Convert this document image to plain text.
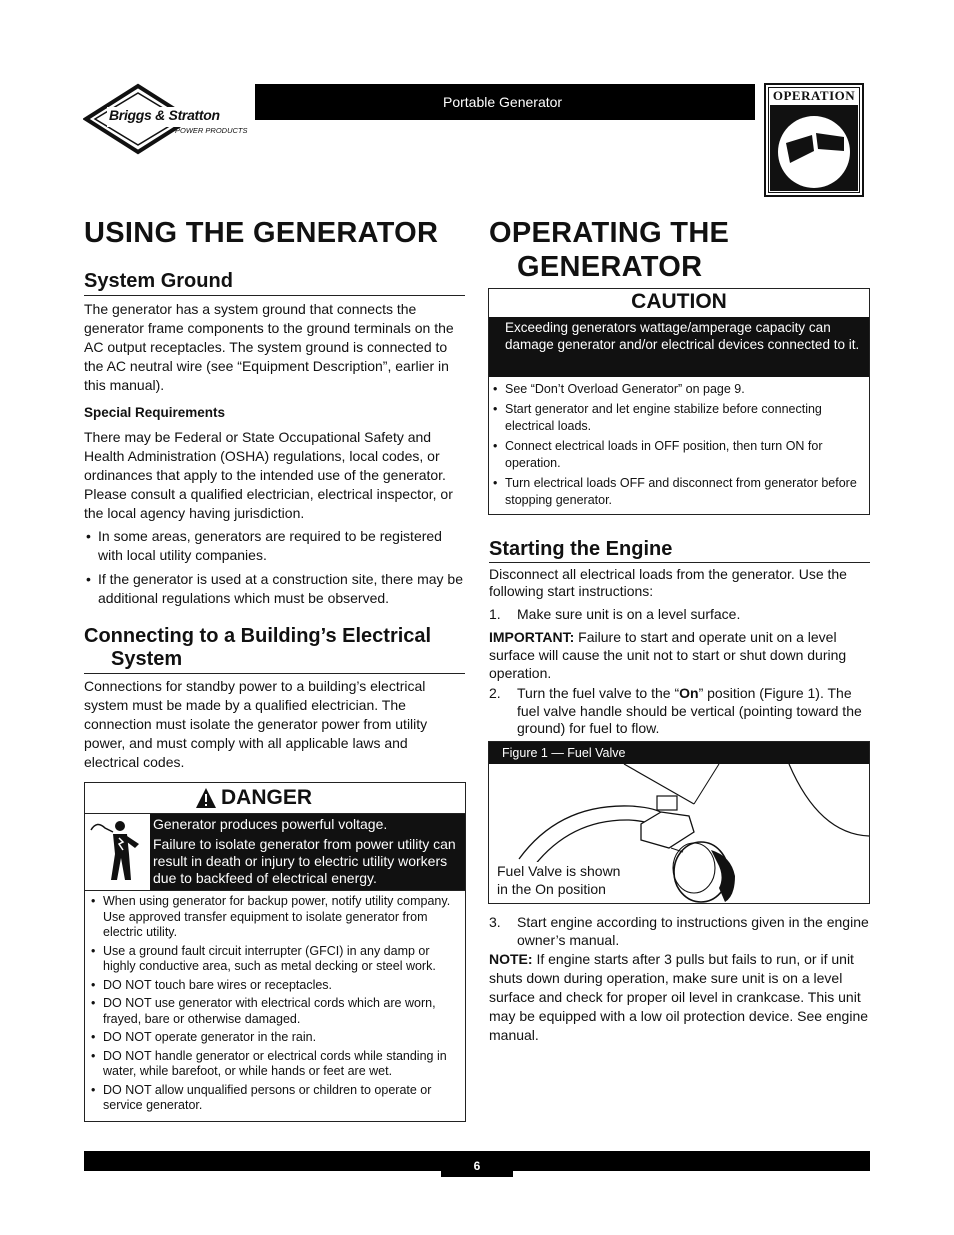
Briggs & Stratton
POWER PRODUCTS
Portable Generator	OPERATION
USING THE GENERATOR
System Ground
The generator has a system ground that connects the generator frame components to the ground terminals on the AC output receptacles. The system ground is connected to the AC neutral wire (see “Equipment Description”, earlier in this manual).
Special Requirements
There may be Federal or State Occupational Safety and Health Administration (OSHA) regulations, local codes, or ordinances that apply to the intended use of the generator. Please consult a qualified electrician, electrical inspector, or the local agency having jurisdiction.
• In some areas, generators are required to be registered with local utility companies.
• If the generator is used at a construction site, there may be additional regulations which must be observed.
Connecting to a Building’s Electrical
System
Connections for standby power to a building’s electrical system must be made by a qualified electrician. The connection must isolate the generator power from utility power, and must comply with all applicable laws and electrical codes.
DANGER
Generator produces powerful voltage.
Failure to isolate generator from power utility can result in death or injury to electric utility workers due to backfeed of electrical energy.
• When using generator for backup power, notify utility company. Use approved transfer equipment to isolate generator from electric utility.
• Use a ground fault circuit interrupter (GFCI) in any damp or highly conductive area, such as metal decking or steel work.
• DO NOT touch bare wires or receptacles.
• DO NOT use generator with electrical cords which are worn, frayed, bare or otherwise damaged.
• DO NOT operate generator in the rain.
• DO NOT handle generator or electrical cords while standing in water, while barefoot, or while hands or feet are wet.
• DO NOT allow unqualified persons or children to operate or service generator.
OPERATING THE
GENERATOR
CAUTION
Exceeding generators wattage/amperage capacity can damage generator and/or electrical devices connected to it.
• See “Don’t Overload Generator” on page 9.
• Start generator and let engine stabilize before connecting electrical loads.
• Connect electrical loads in OFF position, then turn ON for operation.
• Turn electrical loads OFF and disconnect from generator before stopping generator.
Starting the Engine
Disconnect all electrical loads from the generator. Use the following start instructions:
1.	Make sure unit is on a level surface.
IMPORTANT: Failure to start and operate unit on a level surface will cause the unit not to start or shut down during operation.
2.	Turn the fuel valve to the “On” position (Figure 1). The fuel valve handle should be vertical (pointing toward the ground) for fuel to flow.
Figure 1 — Fuel Valve
Fuel Valve is shown
in the On position
3.	Start engine according to instructions given in the engine owner’s manual.
NOTE: If engine starts after 3 pulls but fails to run, or if unit shuts down during operation, make sure unit is on a level surface and check for proper oil level in crankcase. This unit may be equipped with a low oil protection device. See engine manual.
6
